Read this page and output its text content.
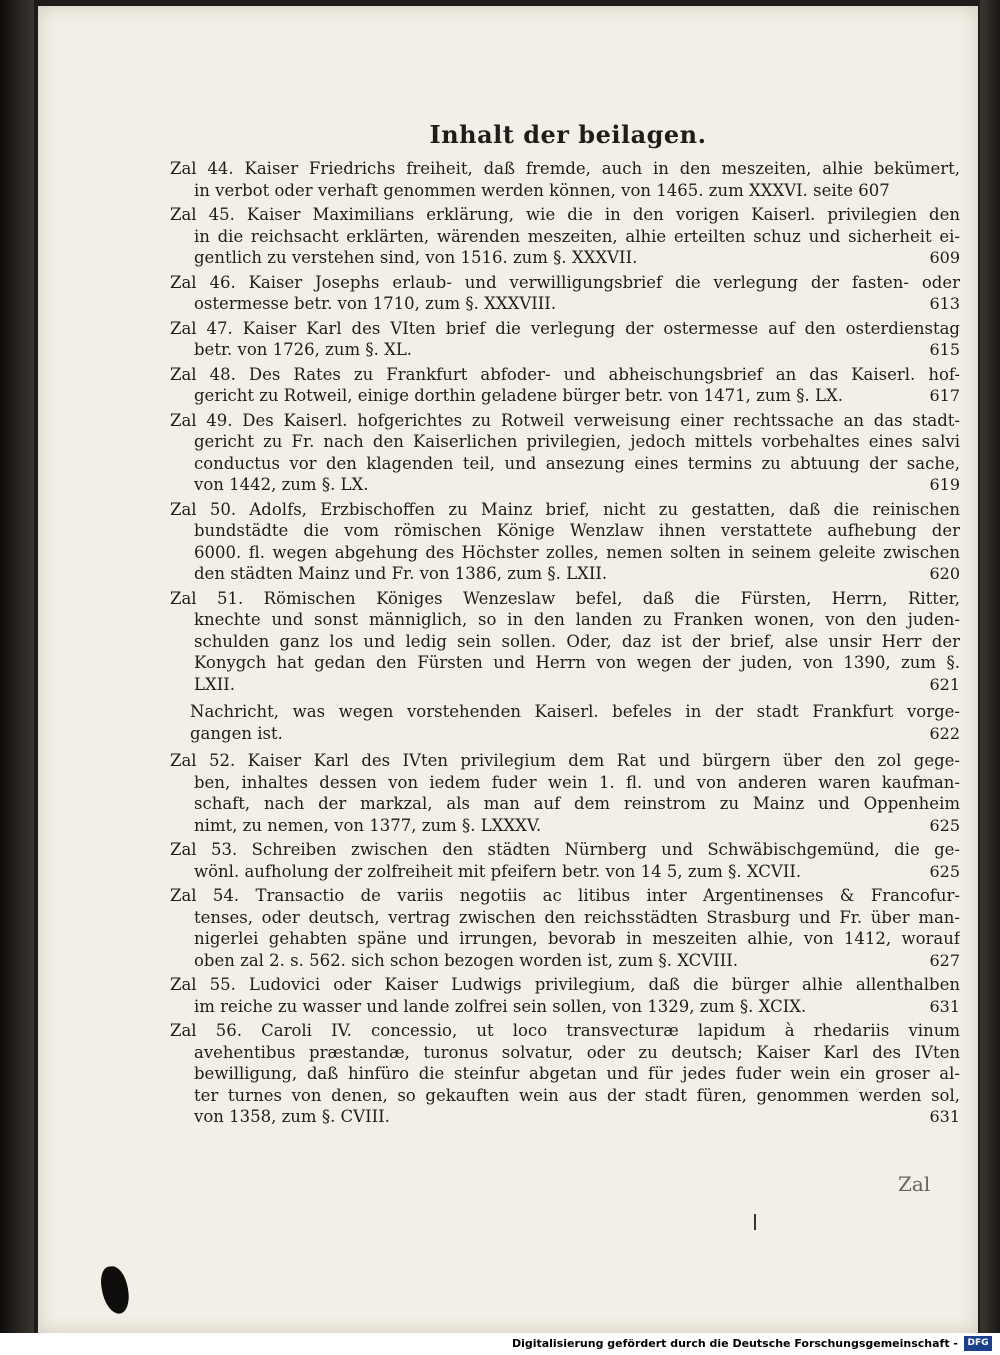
Inhalt der beilagen.
Zal 44. Kaiser Friedrichs freiheit, daß fremde, auch in den meszeiten, alhie bekümert,
in verbot oder verhaft genommen werden können, von 1465. zum XXXVI. seite 607
Zal 45. Kaiser Maximilians erklärung, wie die in den vorigen Kaiserl. privilegien den
in die reichsacht erklärten, wärenden meszeiten, alhie erteilten schuz und sicherheit ei-
gentlich zu verstehen sind, von 1516. zum §. XXXVII.	609
Zal 46. Kaiser Josephs erlaub- und verwilligungsbrief die verlegung der fasten- oder
ostermesse betr. von 1710, zum §. XXXVIII.	613
Zal 47. Kaiser Karl des VIten brief die verlegung der ostermesse auf den osterdienstag
betr. von 1726, zum §. XL.	615
Zal 48. Des Rates zu Frankfurt abfoder- und abheischungsbrief an das Kaiserl. hof-
gericht zu Rotweil, einige dorthin geladene bürger betr. von 1471, zum §. LX.	617
Zal 49. Des Kaiserl. hofgerichtes zu Rotweil verweisung einer rechtssache an das stadt-
gericht zu Fr. nach den Kaiserlichen privilegien, jedoch mittels vorbehaltes eines salvi
conductus vor den klagenden teil, und ansezung eines termins zu abtuung der sache,
von 1442, zum §. LX.	619
Zal 50. Adolfs, Erzbischoffen zu Mainz brief, nicht zu gestatten, daß die reinischen
bundstädte die vom römischen Könige Wenzlaw ihnen verstattete aufhebung der
6000. fl. wegen abgehung des Höchster zolles, nemen solten in seinem geleite zwischen
den städten Mainz und Fr. von 1386, zum §. LXII.	620
Zal 51. Römischen Königes Wenzeslaw befel, daß die Fürsten, Herrn, Ritter,
knechte und sonst männiglich, so in den landen zu Franken wonen, von den juden-
schulden ganz los und ledig sein sollen. Oder, daz ist der brief, alse unsir Herr der
Konygch hat gedan den Fürsten und Herrn von wegen der juden, von 1390, zum §.
LXII.	621
Nachricht, was wegen vorstehenden Kaiserl. befeles in der stadt Frankfurt vorge-
gangen ist.	622
Zal 52. Kaiser Karl des IVten privilegium dem Rat und bürgern über den zol gege-
ben, inhaltes dessen von iedem fuder wein 1. fl. und von anderen waren kaufman-
schaft, nach der markzal, als man auf dem reinstrom zu Mainz und Oppenheim
nimt, zu nemen, von 1377, zum §. LXXXV.	625
Zal 53. Schreiben zwischen den städten Nürnberg und Schwäbischgemünd, die ge-
wönl. aufholung der zolfreiheit mit pfeifern betr. von 14 5, zum §. XCVII.	625
Zal 54. Transactio de variis negotiis ac litibus inter Argentinenses & Francofur-
tenses, oder deutsch, vertrag zwischen den reichsstädten Strasburg und Fr. über man-
nigerlei gehabten späne und irrungen, bevorab in meszeiten alhie, von 1412, worauf
oben zal 2. s. 562. sich schon bezogen worden ist, zum §. XCVIII.	627
Zal 55. Ludovici oder Kaiser Ludwigs privilegium, daß die bürger alhie allenthalben
im reiche zu wasser und lande zolfrei sein sollen, von 1329, zum §. XCIX.	631
Zal 56. Caroli IV. concessio, ut loco transvecturæ lapidum à rhedariis vinum
avehentibus præstandæ, turonus solvatur, oder zu deutsch; Kaiser Karl des IVten
bewilligung, daß hinfüro die steinfur abgetan und für jedes fuder wein ein groser al-
ter turnes von denen, so gekauften wein aus der stadt füren, genommen werden sol,
von 1358, zum §. CVIII.	631
Zal
Digitalisierung gefördert durch die Deutsche Forschungsgemeinschaft -	DFG
